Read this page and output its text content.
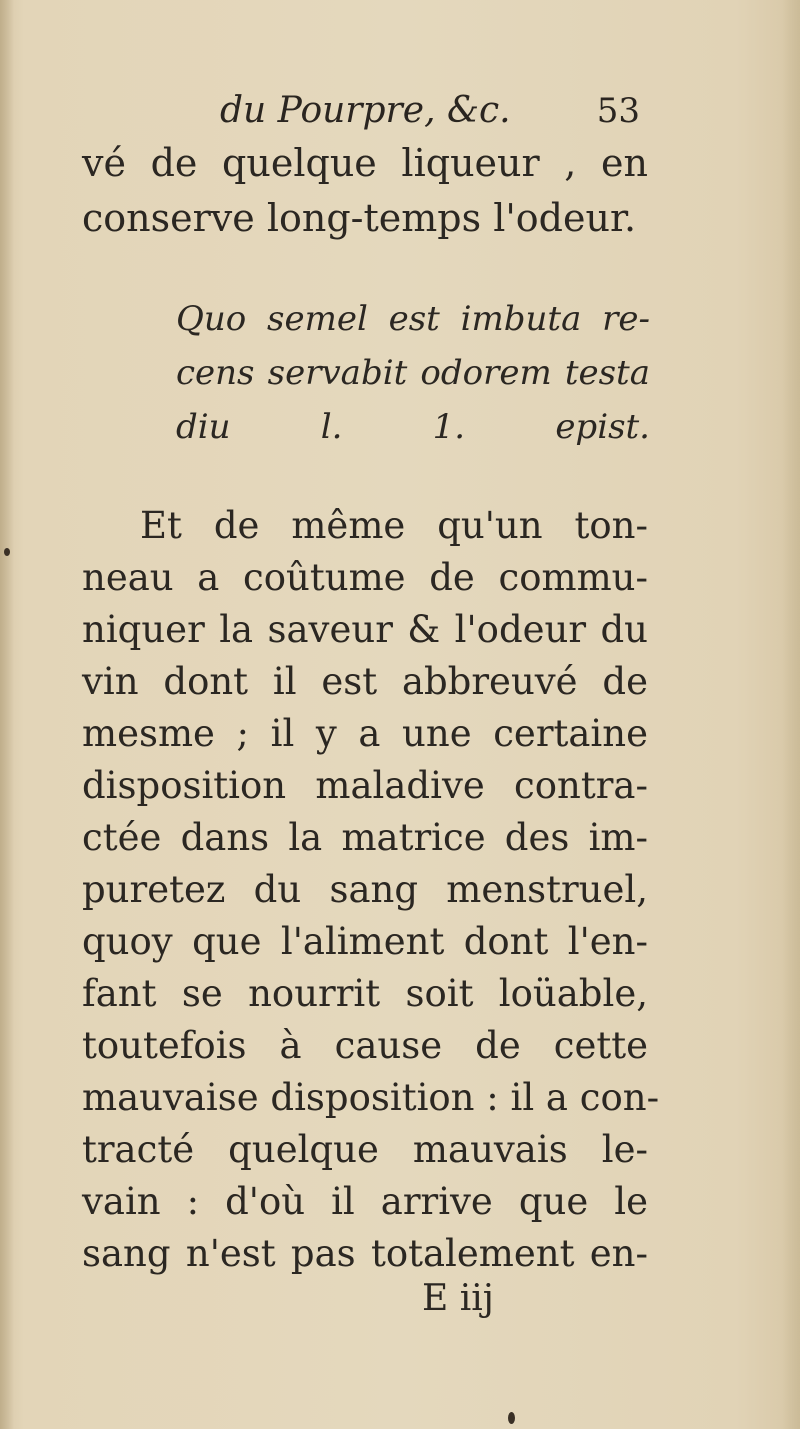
du Pourpre, &c.	53
vé de quelque liqueur , en
conserve long-temps l'odeur.
Quo semel est imbuta re-
cens servabit odorem testa
diu l. 1. epist.
Et de même qu'un ton-
neau a coûtume de commu-
niquer la saveur & l'odeur du
vin dont il est abbreuvé de
mesme ; il y a une certaine
disposition maladive contra-
ctée dans la matrice des im-
puretez du sang menstruel,
quoy que l'aliment dont l'en-
fant se nourrit soit loüable,
toutefois à cause de cette
mauvaise disposition : il a con-
tracté quelque mauvais le-
vain : d'où il arrive que le
sang n'est pas totalement en-
E iij
